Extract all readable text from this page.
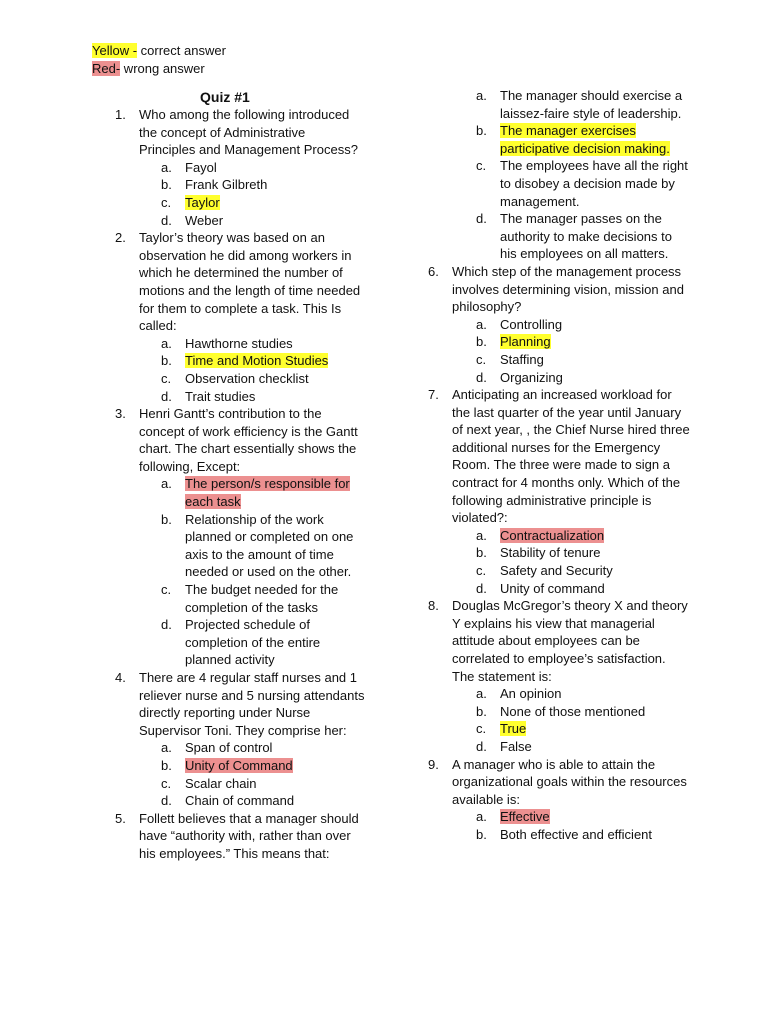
Yellow - correct answer
Red- wrong answer
Quiz #1
1.	Who among the following introduced the concept of Administrative Principles and Management Process?
a.	Fayol
b.	Frank Gilbreth
c.	Taylor
d.	Weber
2.	Taylor’s theory was based on an observation he did among workers in which he determined the number of motions and the length of time needed for them to complete a task. This Is called:
a.	Hawthorne studies
b.	Time and Motion Studies
c.	Observation checklist
d.	Trait studies
3.	Henri Gantt’s contribution to the concept of work efficiency is the Gantt chart. The chart essentially shows the following, Except:
a.	The person/s responsible for each task
b.	Relationship of the work planned or completed on one axis to the amount of time needed or used on the other.
c.	The budget needed for the completion of the tasks
d.	Projected schedule of completion of the entire planned activity
4.	There are 4 regular staff nurses and 1 reliever nurse and 5 nursing attendants directly reporting under Nurse Supervisor Toni. They comprise her:
a.	Span of control
b.	Unity of Command
c.	Scalar chain
d.	Chain of command
5.	Follett believes that a manager should have “authority with, rather than over his employees.” This means that:
a.	The manager should exercise a laissez-faire style of leadership.
b.	The manager exercises participative decision making.
c.	The employees have all the right to disobey a decision made by management.
d.	The manager passes on the authority to make decisions to his employees on all matters.
6.	Which step of the management process involves determining vision, mission and philosophy?
a.	Controlling
b.	Planning
c.	Staffing
d.	Organizing
7.	Anticipating an increased workload for the last quarter of the year until January of next year, , the Chief Nurse hired three additional nurses for the Emergency Room. The three were made to sign a contract for 4 months only. Which of the following administrative principle is violated?:
a.	Contractualization
b.	Stability of tenure
c.	Safety and Security
d.	Unity of command
8.	Douglas McGregor’s theory X and theory Y explains his view that managerial attitude about employees can be correlated to employee’s satisfaction. The statement is:
a.	An opinion
b.	None of those mentioned
c.	True
d.	False
9.	A manager who is able to attain the organizational goals within the resources available is:
a.	Effective
b.	Both effective and efficient
